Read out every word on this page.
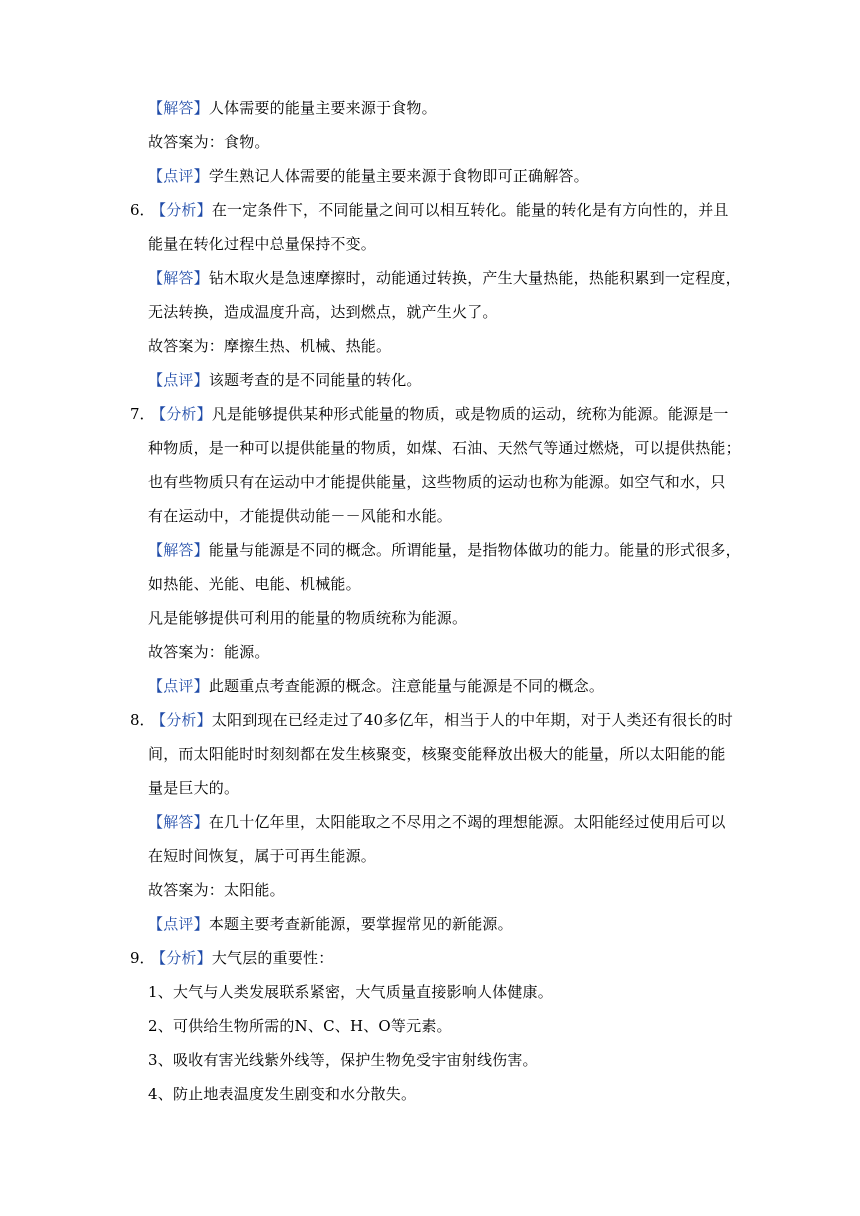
【解答】人体需要的能量主要来源于食物。
故答案为：食物。
【点评】学生熟记人体需要的能量主要来源于食物即可正确解答。
6．
【分析】在一定条件下，不同能量之间可以相互转化。能量的转化是有方向性的，并且
能量在转化过程中总量保持不变。
【解答】钻木取火是急速摩擦时，动能通过转换，产生大量热能，热能积累到一定程度，
无法转换，造成温度升高，达到燃点，就产生火了。
故答案为：摩擦生热、机械、热能。
【点评】该题考查的是不同能量的转化。
7．
【分析】凡是能够提供某种形式能量的物质，或是物质的运动，统称为能源。能源是一
种物质，是一种可以提供能量的物质，如煤、石油、天然气等通过燃烧，可以提供热能；
也有些物质只有在运动中才能提供能量，这些物质的运动也称为能源。如空气和水，只
有在运动中，才能提供动能－－风能和水能。
【解答】能量与能源是不同的概念。所谓能量，是指物体做功的能力。能量的形式很多，
如热能、光能、电能、机械能。
凡是能够提供可利用的能量的物质统称为能源。
故答案为：能源。
【点评】此题重点考查能源的概念。注意能量与能源是不同的概念。
8．
【分析】太阳到现在已经走过了40多亿年，相当于人的中年期，对于人类还有很长的时
间，而太阳能时时刻刻都在发生核聚变，核聚变能释放出极大的能量，所以太阳能的能
量是巨大的。
【解答】在几十亿年里，太阳能取之不尽用之不竭的理想能源。太阳能经过使用后可以
在短时间恢复，属于可再生能源。
故答案为：太阳能。
【点评】本题主要考查新能源，要掌握常见的新能源。
9．
【分析】大气层的重要性：
1、大气与人类发展联系紧密，大气质量直接影响人体健康。
2、可供给生物所需的N、C、H、O等元素。
3、吸收有害光线紫外线等，保护生物免受宇宙射线伤害。
4、防止地表温度发生剧变和水分散失。
